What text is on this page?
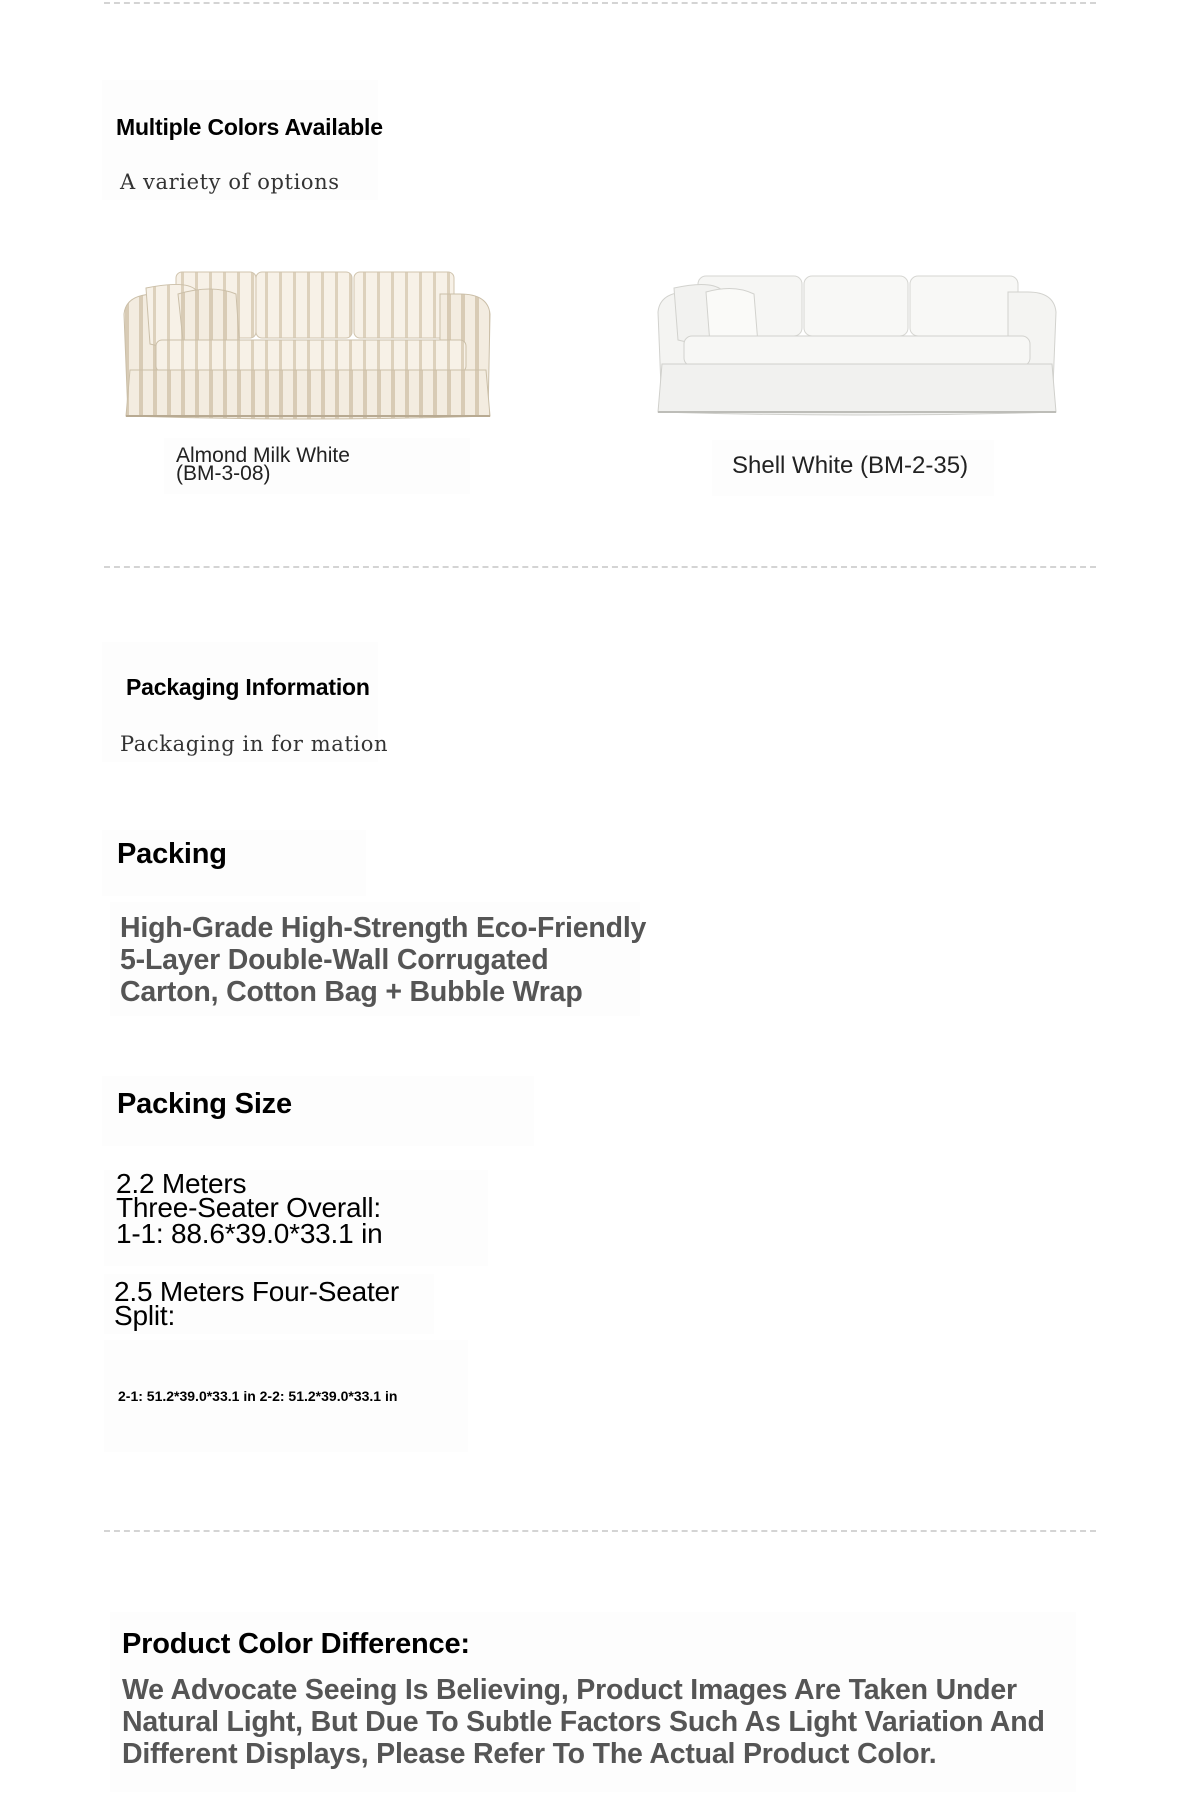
Multiple Colors Available
A variety of options
Almond Milk White
(BM-3-08)	Shell White (BM-2-35)
Packaging Information
Packaging in for mation
Packing
High-Grade High-Strength Eco-Friendly
5-Layer Double-Wall Corrugated
Carton, Cotton Bag + Bubble Wrap
Packing Size
2.2 Meters
Three-Seater Overall:
1-1: 88.6*39.0*33.1 in
2.5 Meters Four-Seater
Split:
2-1: 51.2*39.0*33.1 in 2-2: 51.2*39.0*33.1 in
Product Color Difference:
We Advocate Seeing Is Believing, Product Images Are Taken Under
Natural Light, But Due To Subtle Factors Such As Light Variation And
Different Displays, Please Refer To The Actual Product Color.
